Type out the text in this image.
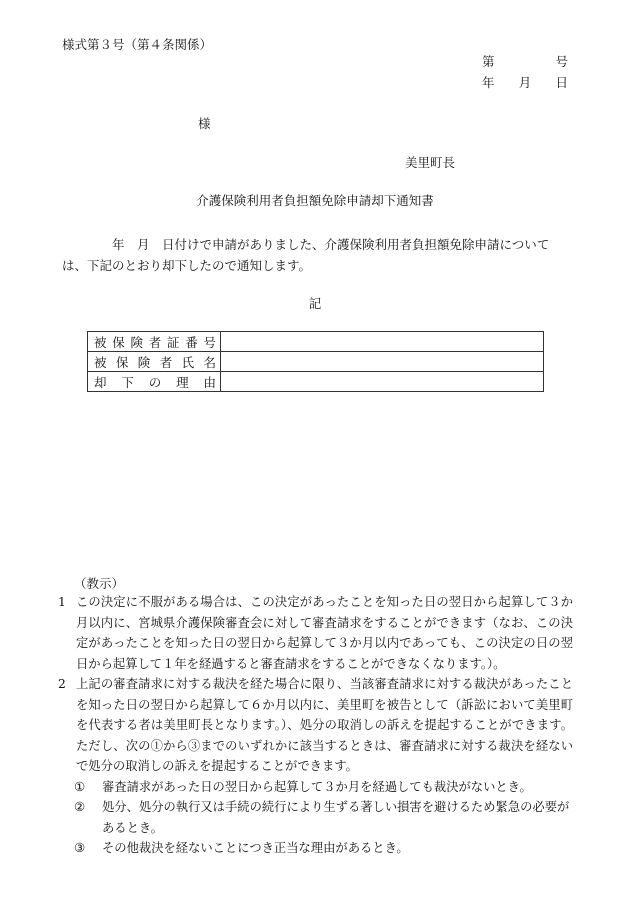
様式第３号（第４条関係）
第	号
年 月 日
様
美里町長
介護保険利用者負担額免除申請却下通知書
　　　　年　月　日付けで申請がありました、介護保険利用者負担額免除申請については、下記のとおり却下したので通知します。
記
被保険者証番号	
被保険者氏名	
却下の理由	
（教示）
1 この決定に不服がある場合は、この決定があったことを知った日の翌日から起算して３か月以内に、宮城県介護保険審査会に対して審査請求をすることができます（なお、この決定があったことを知った日の翌日から起算して３か月以内であっても、この決定の日の翌日から起算して１年を経過すると審査請求をすることができなくなります。）。
2 上記の審査請求に対する裁決を経た場合に限り、当該審査請求に対する裁決があったことを知った日の翌日から起算して６か月以内に、美里町を被告として（訴訟において美里町を代表する者は美里町長となります。）、処分の取消しの訴えを提起することができます。ただし、次の①から③までのいずれかに該当するときは、審査請求に対する裁決を経ないで処分の取消しの訴えを提起することができます。
①	審査請求があった日の翌日から起算して３か月を経過しても裁決がないとき。
②	処分、処分の執行又は手続の続行により生ずる著しい損害を避けるため緊急の必要があるとき。
③	その他裁決を経ないことにつき正当な理由があるとき。
